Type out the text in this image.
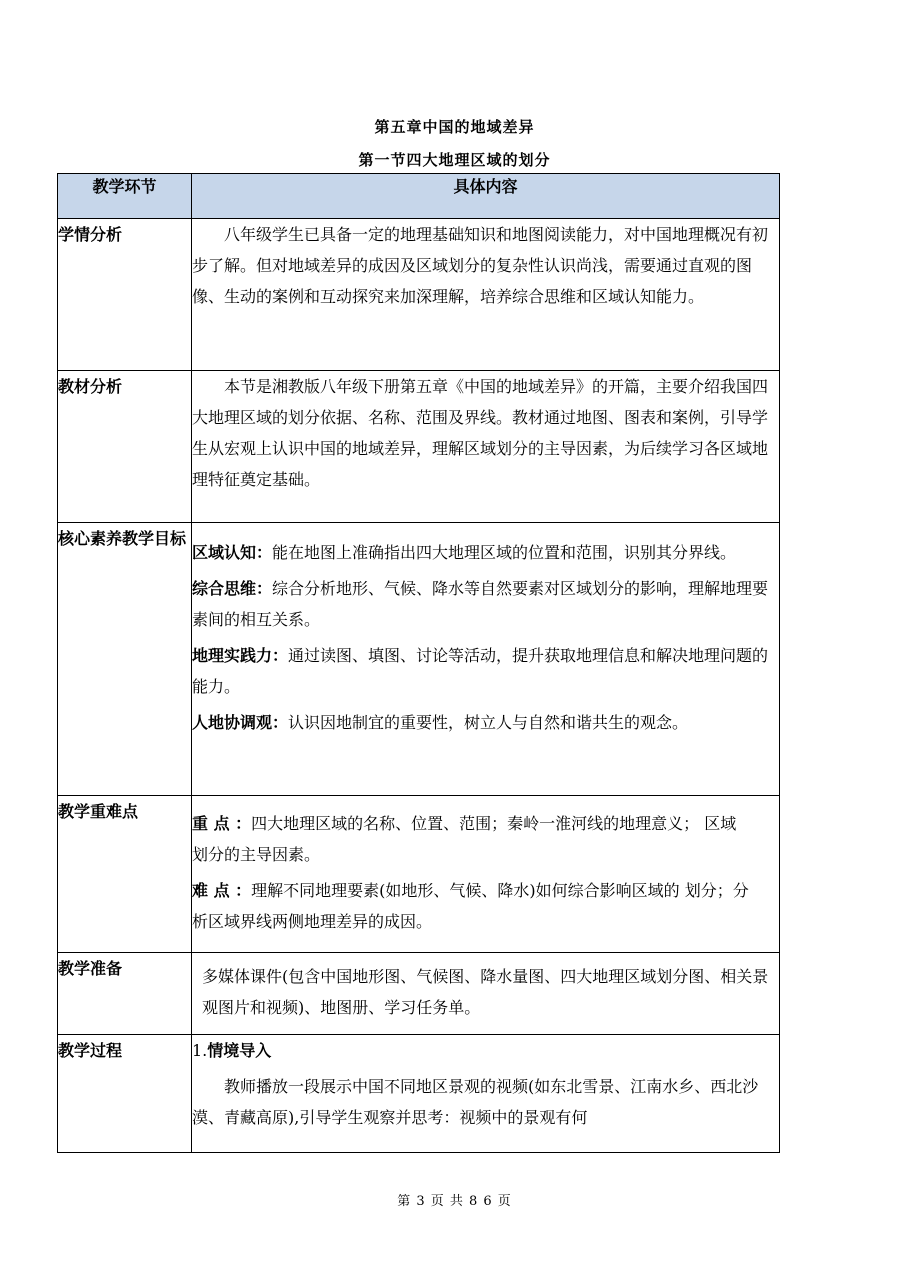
第五章中国的地域差异
第一节四大地理区域的划分
教学环节	具体内容
学情分析	八年级学生已具备一定的地理基础知识和地图阅读能力，对中国地理概况有初步了解。但对地域差异的成因及区域划分的复杂性认识尚浅，需要通过直观的图像、生动的案例和互动探究来加深理解，培养综合思维和区域认知能力。

教材分析	本节是湘教版八年级下册第五章《中国的地域差异》的开篇，主要介绍我国四大地理区域的划分依据、名称、范围及界线。教材通过地图、图表和案例，引导学生从宏观上认识中国的地域差异，理解区域划分的主导因素，为后续学习各区域地理特征奠定基础。

核心素养教学目标	区域认知：能在地图上准确指出四大地理区域的位置和范围，识别其分界线。

综合思维：综合分析地形、气候、降水等自然要素对区域划分的影响，理解地理要素间的相互关系。

地理实践力：通过读图、填图、讨论等活动，提升获取地理信息和解决地理问题的能力。

人地协调观：认识因地制宜的重要性，树立人与自然和谐共生的观念。

教学重难点	重 点 ：四大地理区域的名称、位置、范围；秦岭一淮河线的地理意义； 区域划分的主导因素。

难 点 ：理解不同地理要素(如地形、气候、降水)如何综合影响区域的 划分；分析区域界线两侧地理差异的成因。

教学准备	多媒体课件(包含中国地形图、气候图、降水量图、四大地理区域划分图、相关景观图片和视频)、地图册、学习任务单。

教学过程	1.情境导入

教师播放一段展示中国不同地区景观的视频(如东北雪景、江南水乡、西北沙漠、青藏高原),引导学生观察并思考：视频中的景观有何

第 3 页 共 8 6 页
